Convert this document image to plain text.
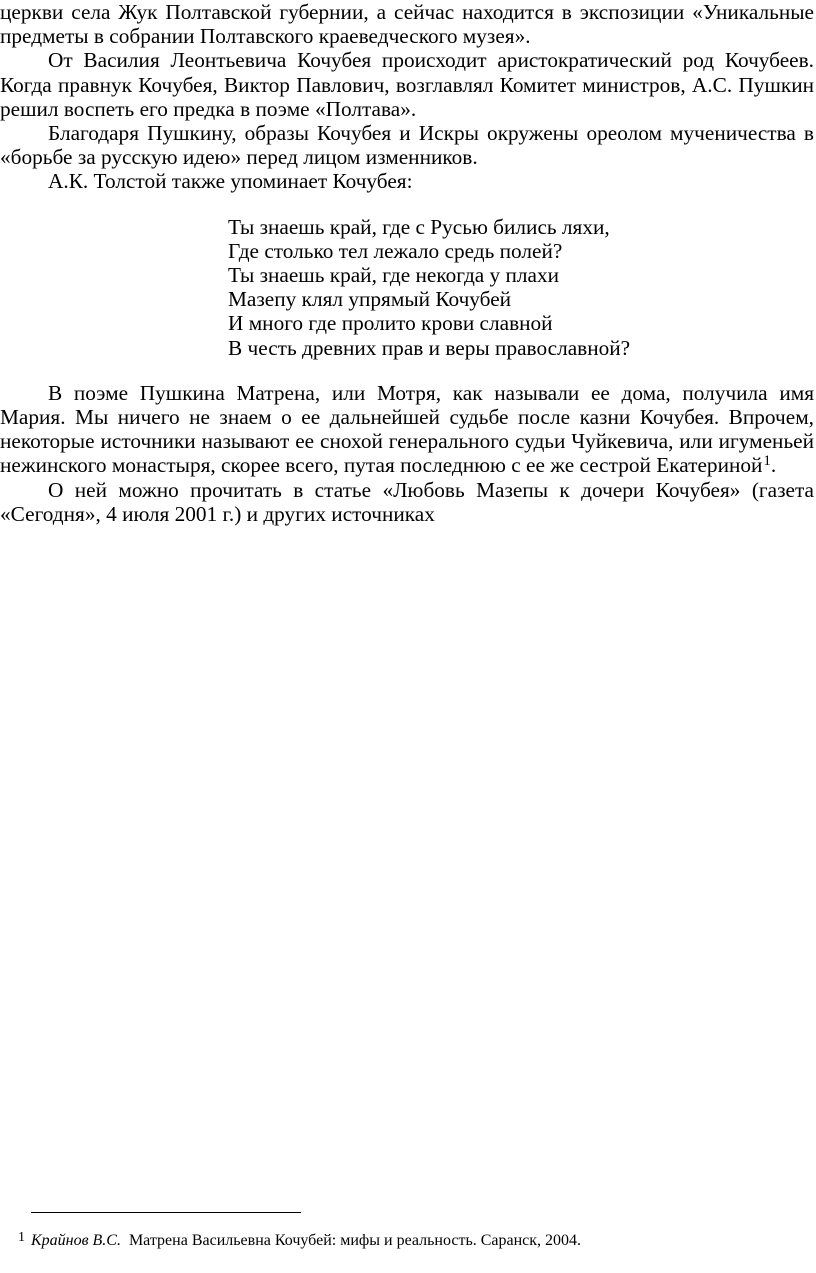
церкви села Жук Полтавской губернии, а сейчас находится в экспозиции «Уникальные предметы в собрании Полтавского краеведческого музея».

От Василия Леонтьевича Кочубея происходит аристократический род Кочубеев. Когда правнук Кочубея, Виктор Павлович, возглавлял Комитет министров, А.С. Пушкин решил воспеть его предка в поэме «Полтава».

Благодаря Пушкину, образы Кочубея и Искры окружены ореолом мученичества в «борьбе за русскую идею» перед лицом изменников.

А.К. Толстой также упоминает Кочубея:

Ты знаешь край, где с Русью бились ляхи,
Где столько тел лежало средь полей?
Ты знаешь край, где некогда у плахи
Мазепу клял упрямый Кочубей
И много где пролито крови славной
В честь древних прав и веры православной?

В поэме Пушкина Матрена, или Мотря, как называли ее дома, получила имя Мария. Мы ничего не знаем о ее дальнейшей судьбе после казни Кочубея. Впрочем, некоторые источники называют ее снохой генерального судьи Чуйкевича, или игуменьей нежинского монастыря, скорее всего, путая последнюю с ее же сестрой Екатериной$^1$.

О ней можно прочитать в статье «Любовь Мазепы к дочери Кочубея» (газета «Сегодня», 4 июля 2001 г.) и других источниках

1 Крайнов В.С. Матрена Васильевна Кочубей: мифы и реальность. Саранск, 2004.
